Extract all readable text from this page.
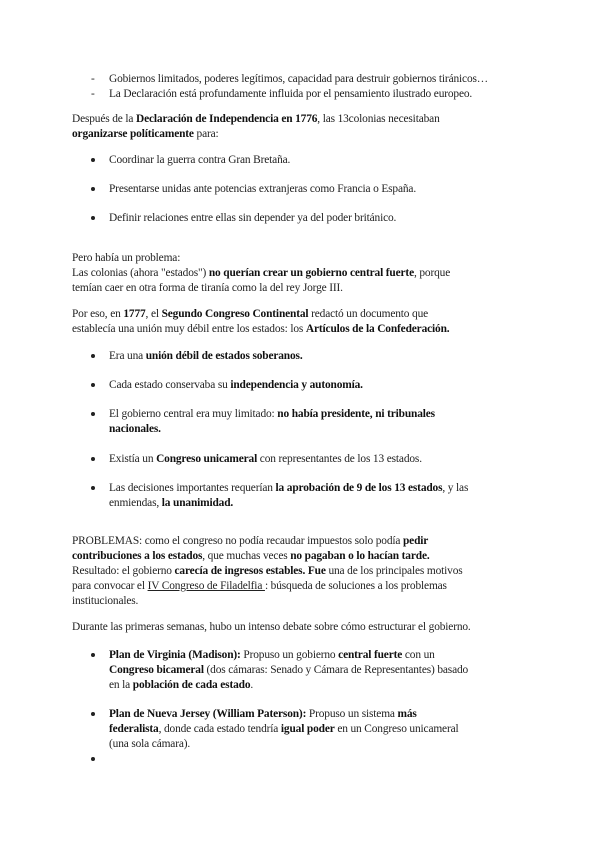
- Gobiernos limitados, poderes legítimos, capacidad para destruir gobiernos tiránicos…
- La Declaración está profundamente influida por el pensamiento ilustrado europeo.
Después de la Declaración de Independencia en 1776, las 13colonias necesitaban
organizarse políticamente para:
Coordinar la guerra contra Gran Bretaña.
Presentarse unidas ante potencias extranjeras como Francia o España.
Definir relaciones entre ellas sin depender ya del poder británico.
Pero había un problema:
Las colonias (ahora "estados") no querían crear un gobierno central fuerte, porque
temían caer en otra forma de tiranía como la del rey Jorge III.
Por eso, en 1777, el Segundo Congreso Continental redactó un documento que
establecía una unión muy débil entre los estados: los Artículos de la Confederación.
Era una unión débil de estados soberanos.
Cada estado conservaba su independencia y autonomía.
El gobierno central era muy limitado: no había presidente, ni tribunales
nacionales.
Existía un Congreso unicameral con representantes de los 13 estados.
Las decisiones importantes requerían la aprobación de 9 de los 13 estados, y las
enmiendas, la unanimidad.
PROBLEMAS: como el congreso no podía recaudar impuestos solo podía pedir
contribuciones a los estados, que muchas veces no pagaban o lo hacían tarde.
Resultado: el gobierno carecía de ingresos estables. Fue una de los principales motivos
para convocar el IV Congreso de Filadelfia : búsqueda de soluciones a los problemas
institucionales.
Durante las primeras semanas, hubo un intenso debate sobre cómo estructurar el gobierno.
Plan de Virginia (Madison): Propuso un gobierno central fuerte con un
Congreso bicameral (dos cámaras: Senado y Cámara de Representantes) basado
en la población de cada estado.
Plan de Nueva Jersey (William Paterson): Propuso un sistema más
federalista, donde cada estado tendría igual poder en un Congreso unicameral
(una sola cámara).
